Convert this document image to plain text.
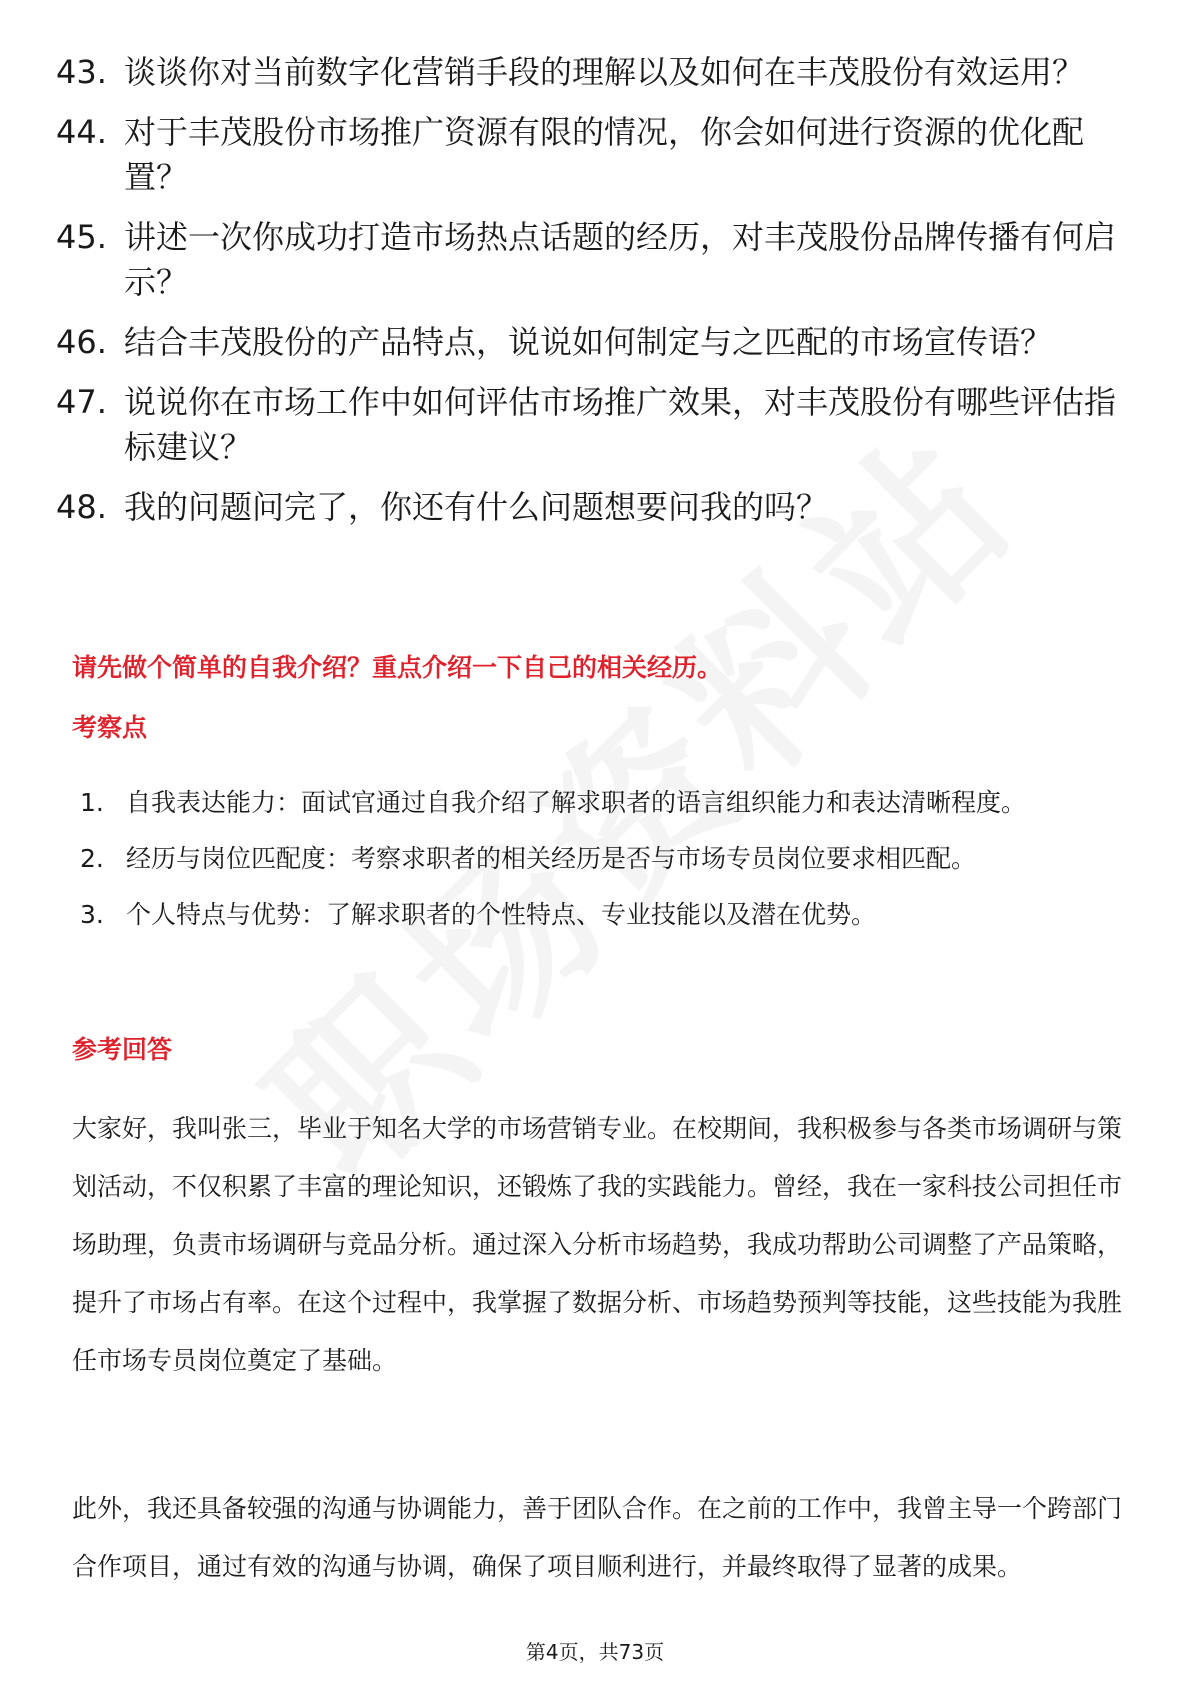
43. 谈谈你对当前数字化营销手段的理解以及如何在丰茂股份有效运用？
44. 对于丰茂股份市场推广资源有限的情况，你会如何进行资源的优化配置？
45. 讲述一次你成功打造市场热点话题的经历，对丰茂股份品牌传播有何启示？
46. 结合丰茂股份的产品特点，说说如何制定与之匹配的市场宣传语？
47. 说说你在市场工作中如何评估市场推广效果，对丰茂股份有哪些评估指标建议？
48. 我的问题问完了，你还有什么问题想要问我的吗？
请先做个简单的自我介绍？重点介绍一下自己的相关经历。
考察点
1. 自我表达能力：面试官通过自我介绍了解求职者的语言组织能力和表达清晰程度。
2. 经历与岗位匹配度：考察求职者的相关经历是否与市场专员岗位要求相匹配。
3. 个人特点与优势：了解求职者的个性特点、专业技能以及潜在优势。
参考回答
大家好，我叫张三，毕业于知名大学的市场营销专业。在校期间，我积极参与各类市场调研与策划活动，不仅积累了丰富的理论知识，还锻炼了我的实践能力。曾经，我在一家科技公司担任市场助理，负责市场调研与竞品分析。通过深入分析市场趋势，我成功帮助公司调整了产品策略，提升了市场占有率。在这个过程中，我掌握了数据分析、市场趋势预判等技能，这些技能为我胜任市场专员岗位奠定了基础。
此外，我还具备较强的沟通与协调能力，善于团队合作。在之前的工作中，我曾主导一个跨部门合作项目，通过有效的沟通与协调，确保了项目顺利进行，并最终取得了显著的成果。
第4页，共73页
